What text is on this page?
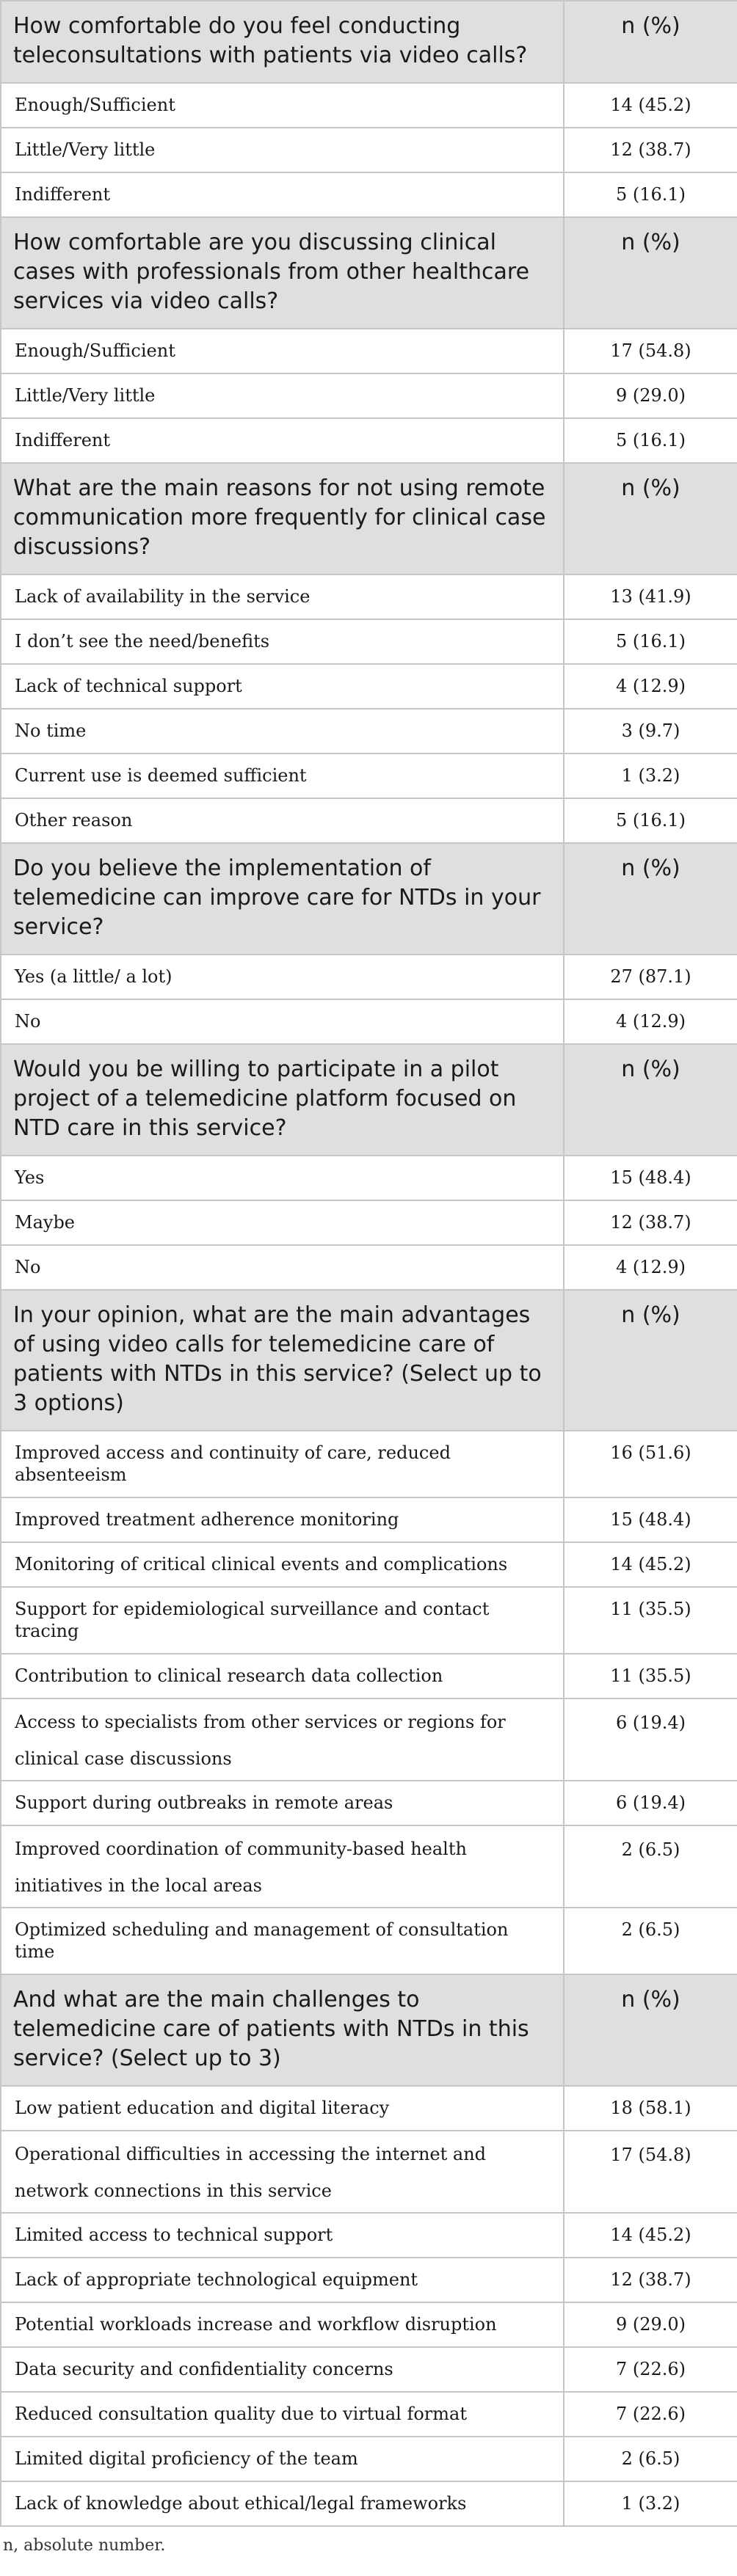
How comfortable do you feel conducting teleconsultations with patients via video calls?	n (%)
Enough/Sufficient	14 (45.2)
Little/Very little	12 (38.7)
Indifferent	5 (16.1)
How comfortable are you discussing clinical cases with professionals from other healthcare services via video calls?	n (%)
Enough/Sufficient	17 (54.8)
Little/Very little	9 (29.0)
Indifferent	5 (16.1)
What are the main reasons for not using remote communication more frequently for clinical case discussions?	n (%)
Lack of availability in the service	13 (41.9)
I don’t see the need/benefits	5 (16.1)
Lack of technical support	4 (12.9)
No time	3 (9.7)
Current use is deemed sufficient	1 (3.2)
Other reason	5 (16.1)
Do you believe the implementation of telemedicine can improve care for NTDs in your service?	n (%)
Yes (a little/ a lot)	27 (87.1)
No	4 (12.9)
Would you be willing to participate in a pilot project of a telemedicine platform focused on NTD care in this service?	n (%)
Yes	15 (48.4)
Maybe	12 (38.7)
No	4 (12.9)
In your opinion, what are the main advantages of using video calls for telemedicine care of patients with NTDs in this service? (Select up to 3 options)	n (%)
Improved access and continuity of care, reduced absenteeism	16 (51.6)
Improved treatment adherence monitoring	15 (48.4)
Monitoring of critical clinical events and complications	14 (45.2)
Support for epidemiological surveillance and contact tracing	11 (35.5)
Contribution to clinical research data collection	11 (35.5)
Access to specialists from other services or regions for clinical case discussions	6 (19.4)
Support during outbreaks in remote areas	6 (19.4)
Improved coordination of community-based health initiatives in the local areas	2 (6.5)
Optimized scheduling and management of consultation time	2 (6.5)
And what are the main challenges to telemedicine care of patients with NTDs in this service? (Select up to 3)	n (%)
Low patient education and digital literacy	18 (58.1)
Operational difficulties in accessing the internet and network connections in this service	17 (54.8)
Limited access to technical support	14 (45.2)
Lack of appropriate technological equipment	12 (38.7)
Potential workloads increase and workflow disruption	9 (29.0)
Data security and confidentiality concerns	7 (22.6)
Reduced consultation quality due to virtual format	7 (22.6)
Limited digital proficiency of the team	2 (6.5)
Lack of knowledge about ethical/legal frameworks	1 (3.2)
n, absolute number.
